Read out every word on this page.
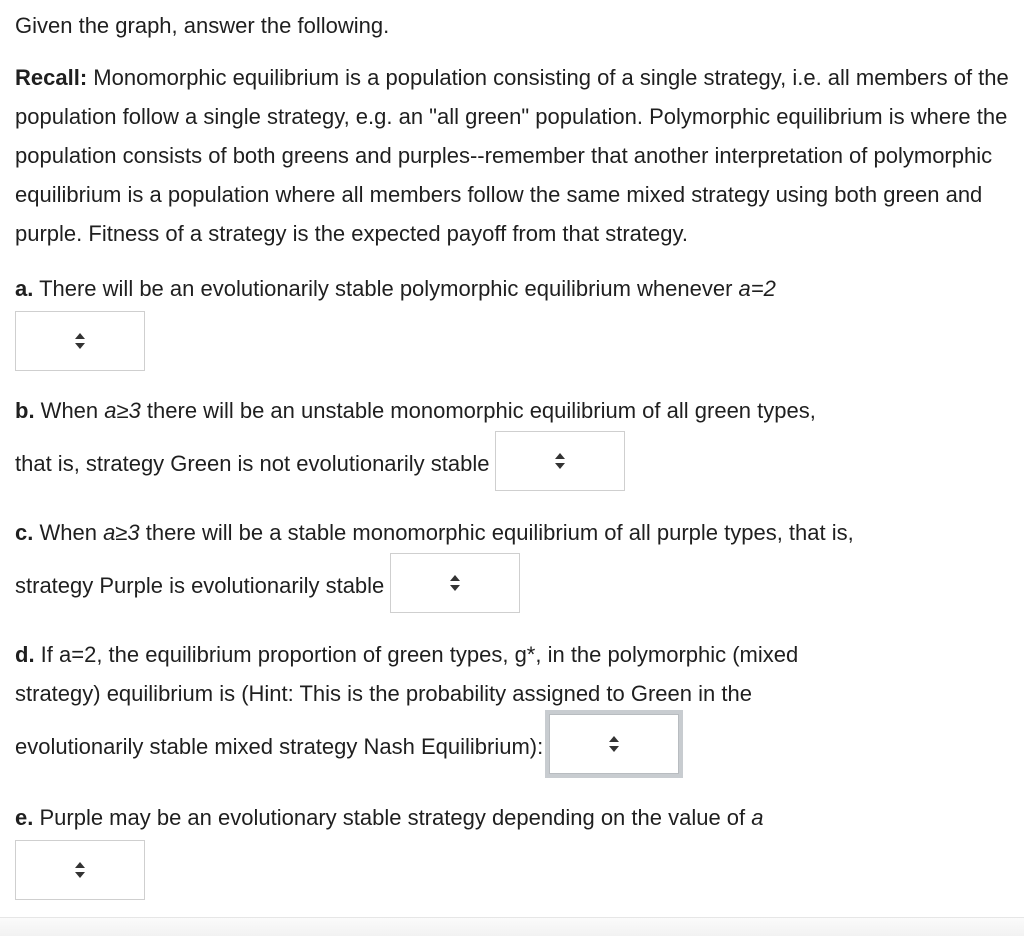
Given the graph, answer the following.

Recall: Monomorphic equilibrium is a population consisting of a single strategy, i.e. all members of the population follow a single strategy, e.g. an "all green" population. Polymorphic equilibrium is where the population consists of both greens and purples--remember that another interpretation of polymorphic equilibrium is a population where all members follow the same mixed strategy using both green and purple. Fitness of a strategy is the expected payoff from that strategy.

a. There will be an evolutionarily stable polymorphic equilibrium whenever a=2

b. When a≥3 there will be an unstable monomorphic equilibrium of all green types,

that is, strategy Green is not evolutionarily stable

c. When a≥3 there will be a stable monomorphic equilibrium of all purple types, that is,

strategy Purple is evolutionarily stable

d. If a=2, the equilibrium proportion of green types, g*, in the polymorphic (mixed

strategy) equilibrium is (Hint: This is the probability assigned to Green in the

evolutionarily stable mixed strategy Nash Equilibrium):

e. Purple may be an evolutionary stable strategy depending on the value of a
